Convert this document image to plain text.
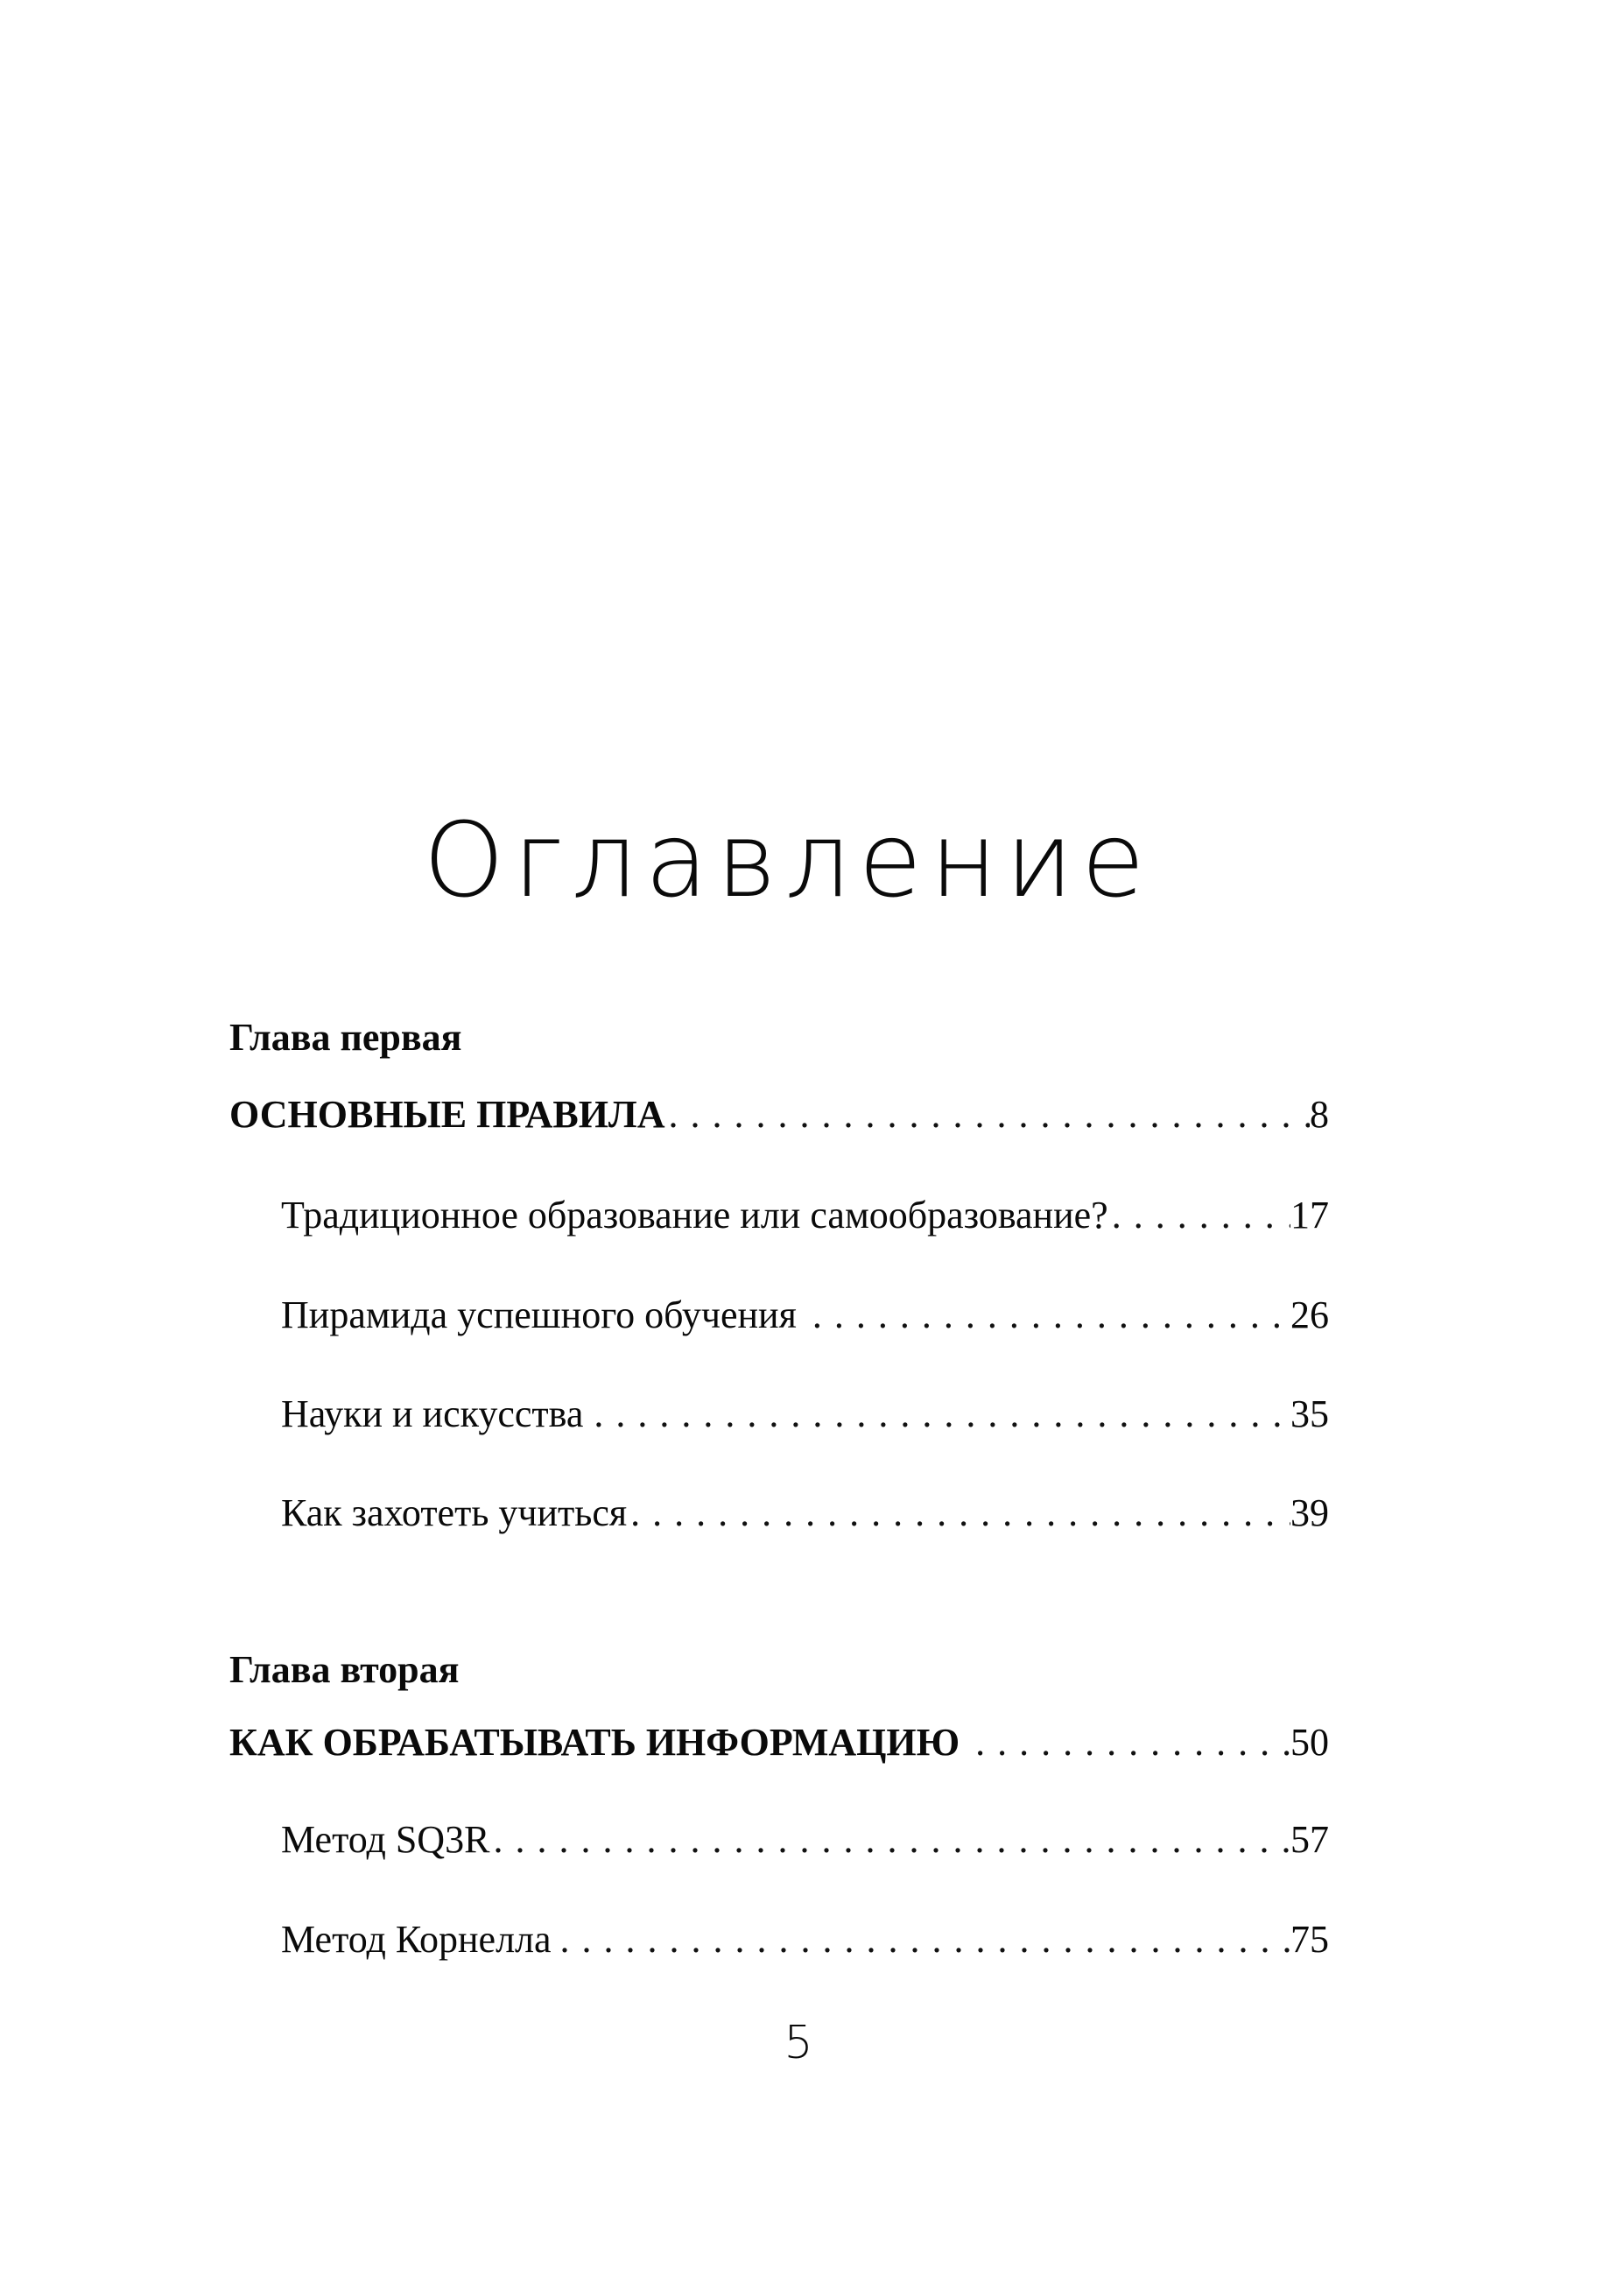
Оглавление
Глава первая
ОСНОВНЫЕ ПРАВИЛА . . .	8
Традиционное образование или самообразование? . . .	17
Пирамида успешного обучения . . .	26
Науки и искусства . . .	35
Как захотеть учиться . . .	39
Глава вторая
КАК ОБРАБАТЫВАТЬ ИНФОРМАЦИЮ . . .	50
Метод SQ3R . . .	57
Метод Корнелла . . .	75
5
